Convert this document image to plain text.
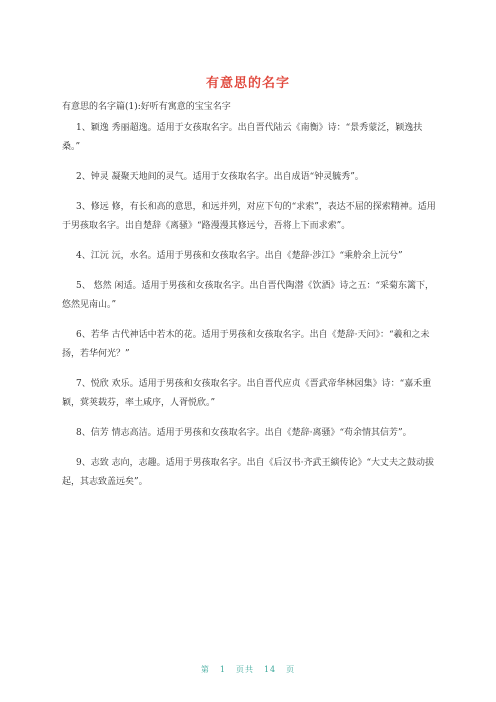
有意思的名字
有意思的名字篇(1):好听有寓意的宝宝名字

1、颖逸 秀丽超逸。适用于女孩取名字。出自晋代陆云《南衡》诗：“景秀蒙泛，颖逸扶桑。”

2、钟灵 凝聚天地间的灵气。适用于女孩取名字。出自成语“钟灵毓秀”。

3、修远 修，有长和高的意思，和远并列，对应下句的“求索”，表达不屈的探索精神。适用于男孩取名字。出自楚辞《离骚》“路漫漫其修远兮，吾将上下而求索”。

4、江沅 沅，水名。适用于男孩和女孩取名字。出自《楚辞·涉江》“乘舲余上沅兮”

5、 悠然 闲适。适用于男孩和女孩取名字。出自晋代陶潜《饮酒》诗之五：“采菊东篱下，悠然见南山。”

6、若华 古代神话中若木的花。适用于男孩和女孩取名字。出自《楚辞·天问》：“羲和之未扬，若华何光？”

7、悦欣 欢乐。适用于男孩和女孩取名字。出自晋代应贞《晋武帝华林园集》诗：“嘉禾重颖，蓂荚载芬，率土咸序，人胥悦欣。”

8、信芳 情志高洁。适用于男孩和女孩取名字。出自《楚辞·离骚》“苟余情其信芳”。

9、志致 志向，志趣。适用于男孩取名字。出自《后汉书·齐武王縯传论》“大丈夫之鼓动拔起，其志致盖远矣”。

第 1 页共 14 页
